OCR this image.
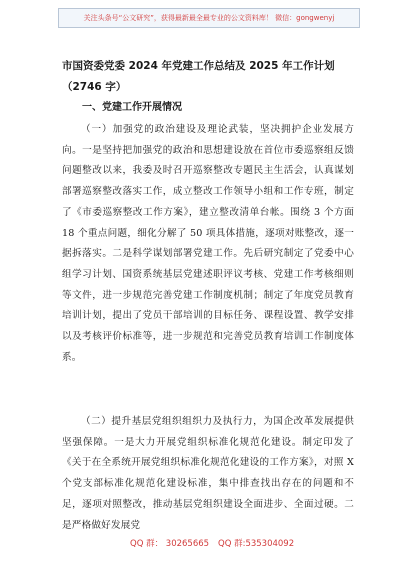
关注头条号“公文研究”，获得最新最全最专业的公文资料库！ 微信：gongwenyj
市国资委党委 2024 年党建工作总结及 2025 年工作计划
（2746 字）
一、党建工作开展情况
（一）加强党的政治建设及理论武装，坚决拥护企业发展方向。一是坚持把加强党的政治和思想建设放在首位市委巡察组反馈问题整改以来，我委及时召开巡察整改专题民主生活会，认真谋划部署巡察整改落实工作，成立整改工作领导小组和工作专班，制定了《市委巡察整改工作方案》，建立整改清单台帐。围绕 3 个方面 18 个重点问题，细化分解了 50 项具体措施，逐项对账整改，逐一据拆落实。二是科学谋划部署党建工作。先后研究制定了党委中心组学习计划、国资系统基层党建述职评议考核、党建工作考核细则等文件，进一步规范完善党建工作制度机制；制定了年度党员教育培训计划，提出了党员干部培训的目标任务、课程设置、教学安排以及考核评价标准等，进一步规范和完善党员教育培训工作制度体系。
（二）提升基层党组织组织力及执行力，为国企改革发展提供坚强保障。一是大力开展党组织标准化规范化建设。制定印发了《关于在全系统开展党组织标准化规范化建设的工作方案》，对照 X 个党支部标准化规范化建设标准，集中排查找出存在的问题和不足，逐项对照整改，推动基层党组织建设全面进步、全面过硬。二是严格做好发展党
QQ 群： 30265665 QQ 群:535304092
